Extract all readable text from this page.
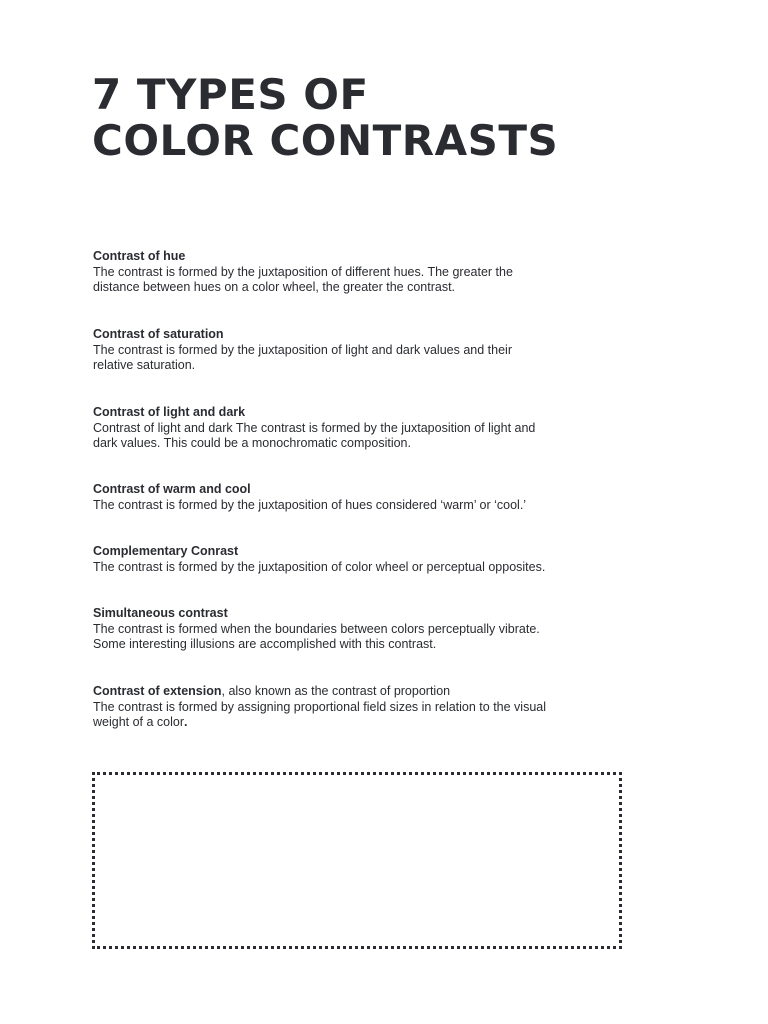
7 TYPES OF
COLOR CONTRASTS
Contrast of hue
The contrast is formed by the juxtaposition of different hues. The greater the
distance between hues on a color wheel, the greater the contrast.
Contrast of saturation
The contrast is formed by the juxtaposition of light and dark values and their
relative saturation.
Contrast of light and dark
Contrast of light and dark The contrast is formed by the juxtaposition of light and
dark values. This could be a monochromatic composition.
Contrast of warm and cool
The contrast is formed by the juxtaposition of hues considered ‘warm’ or ‘cool.’
Complementary Conrast
The contrast is formed by the juxtaposition of color wheel or perceptual opposites.
Simultaneous contrast
The contrast is formed when the boundaries between colors perceptually vibrate.
Some interesting illusions are accomplished with this contrast.
Contrast of extension, also known as the contrast of proportion
The contrast is formed by assigning proportional field sizes in relation to the visual
weight of a color.
